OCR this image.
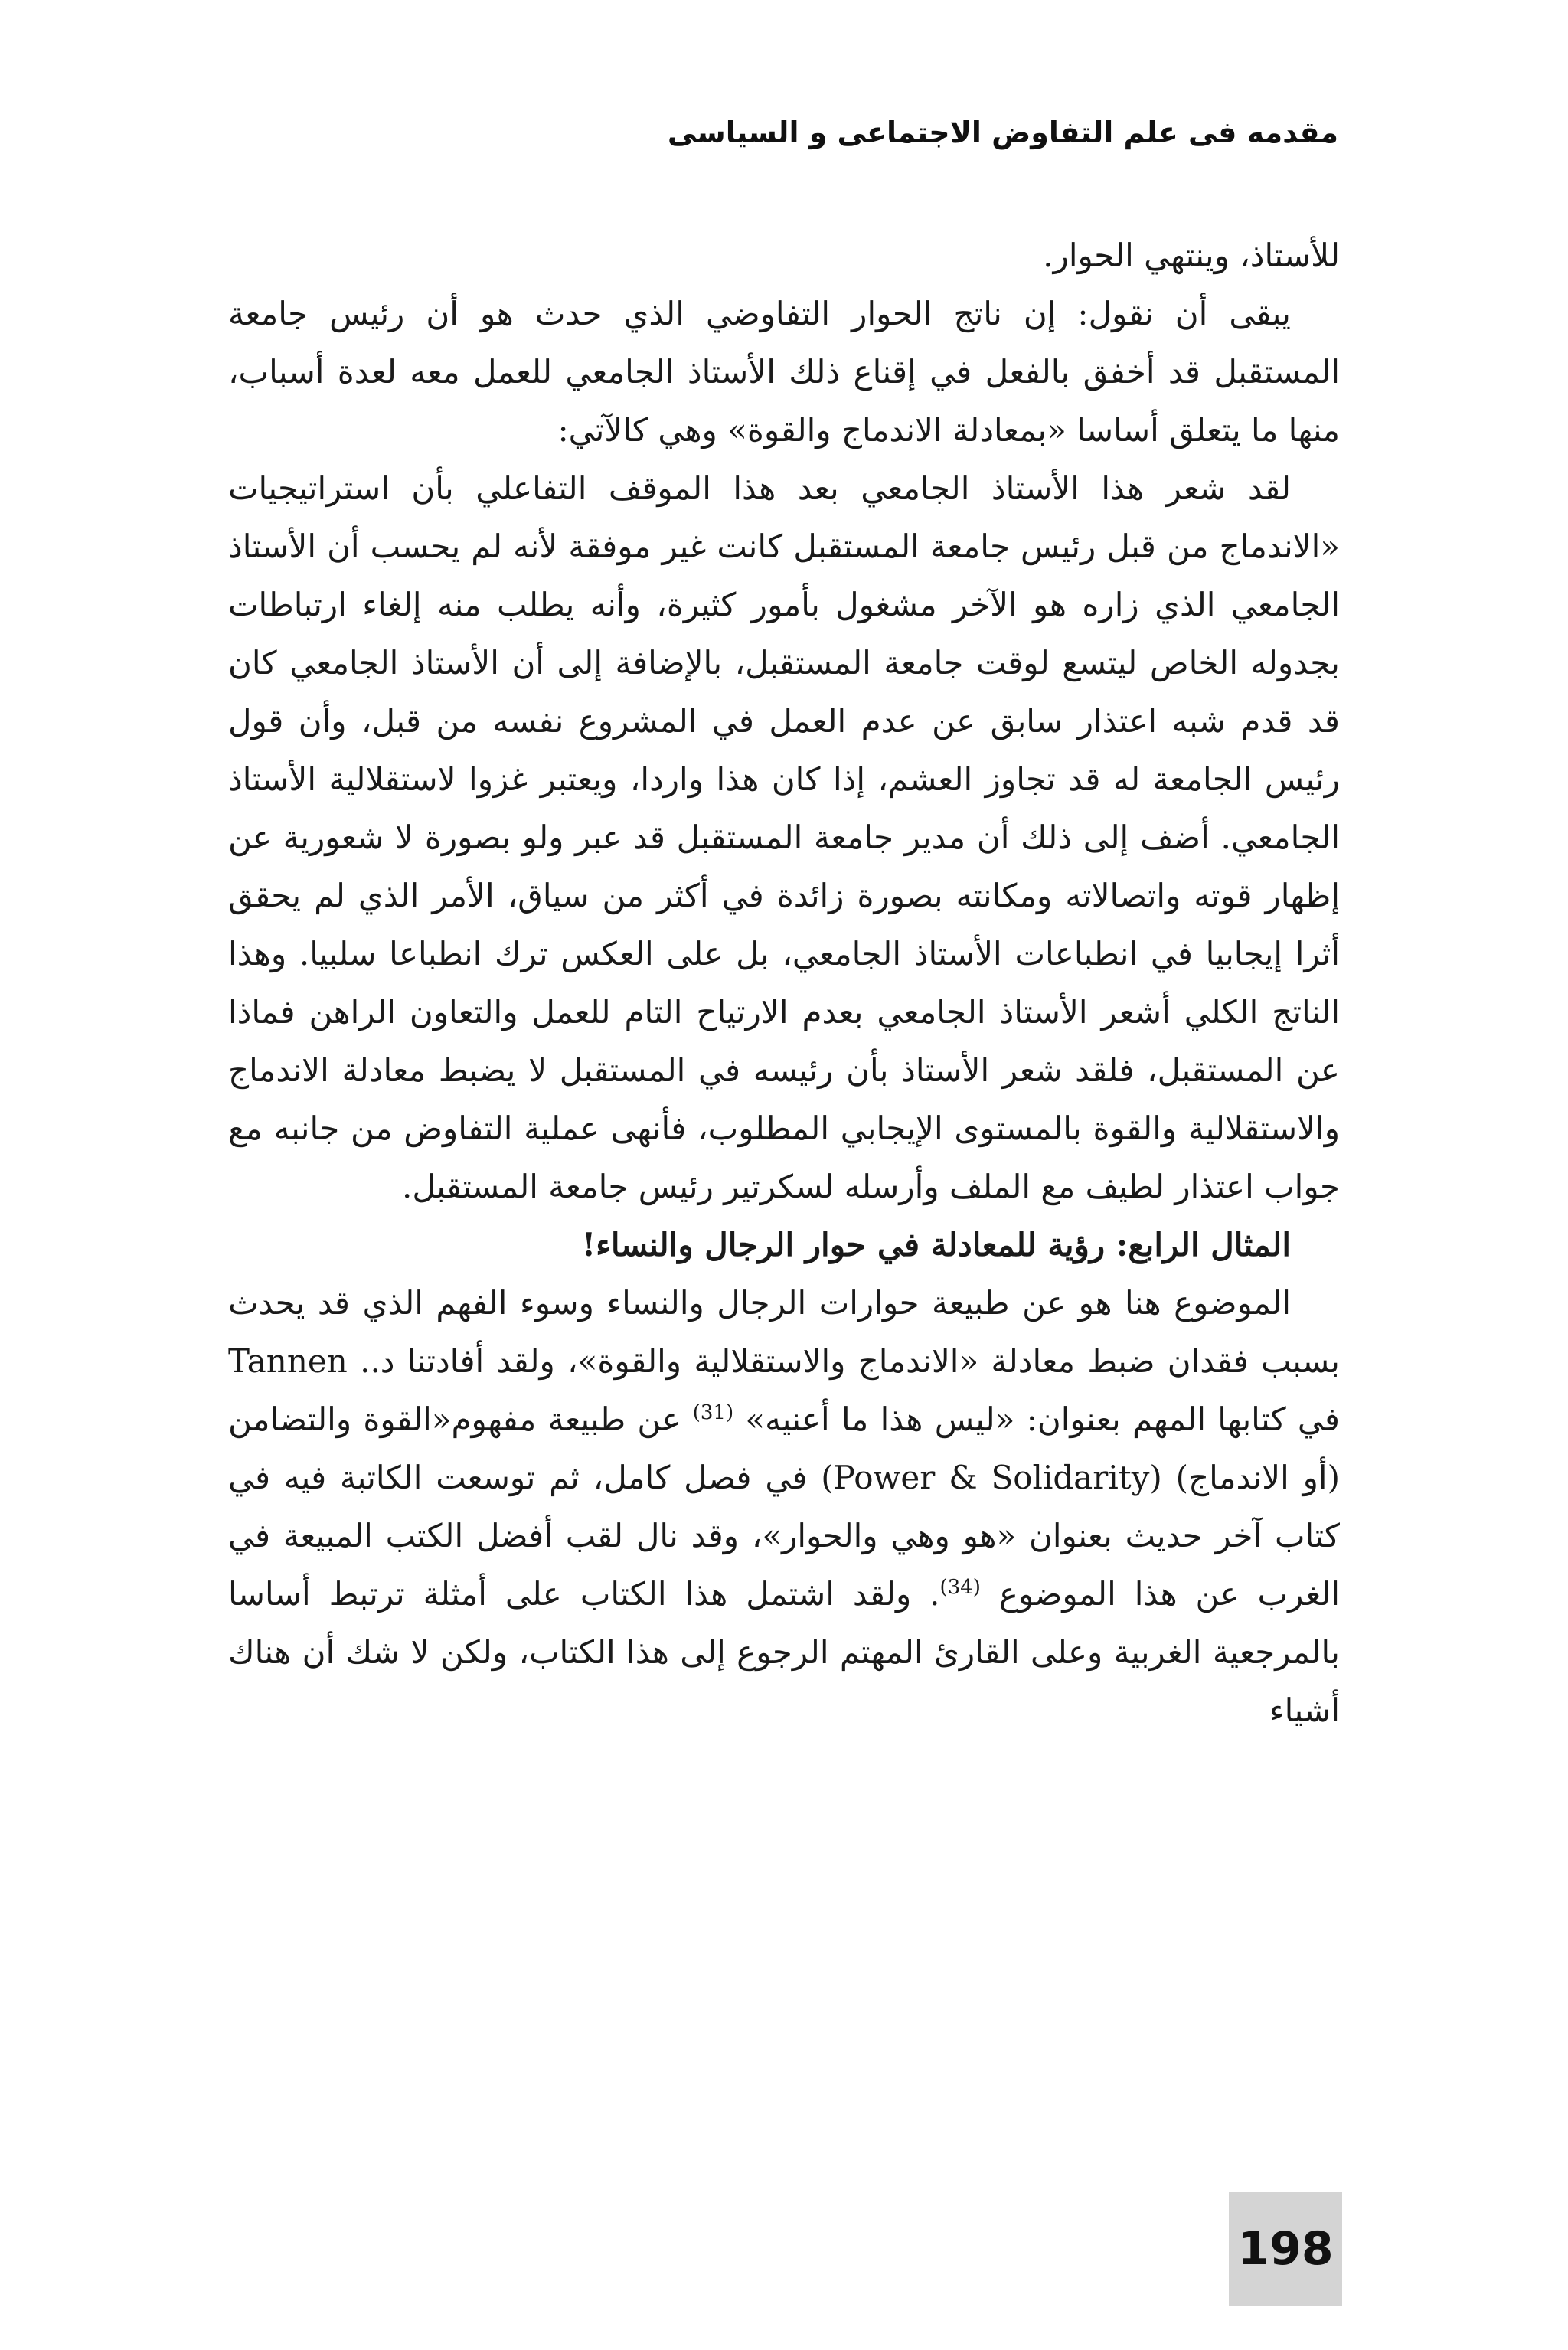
مقدمه فى علم التفاوض الاجتماعى و السياسى

للأستاذ، وينتهي الحوار.

يبقى أن نقول: إن ناتج الحوار التفاوضي الذي حدث هو أن رئيس جامعة المستقبل قد أخفق بالفعل في إقناع ذلك الأستاذ الجامعي للعمل معه لعدة أسباب، منها ما يتعلق أساسا «بمعادلة الاندماج والقوة» وهي كالآتي:

لقد شعر هذا الأستاذ الجامعي بعد هذا الموقف التفاعلي بأن استراتيجيات «الاندماج من قبل رئيس جامعة المستقبل كانت غير موفقة لأنه لم يحسب أن الأستاذ الجامعي الذي زاره هو الآخر مشغول بأمور كثيرة، وأنه يطلب منه إلغاء ارتباطات بجدوله الخاص ليتسع لوقت جامعة المستقبل، بالإضافة إلى أن الأستاذ الجامعي كان قد قدم شبه اعتذار سابق عن عدم العمل في المشروع نفسه من قبل، وأن قول رئيس الجامعة له قد تجاوز العشم، إذا كان هذا واردا، ويعتبر غزوا لاستقلالية الأستاذ الجامعي. أضف إلى ذلك أن مدير جامعة المستقبل قد عبر ولو بصورة لا شعورية عن إظهار قوته واتصالاته ومكانته بصورة زائدة في أكثر من سياق، الأمر الذي لم يحقق أثرا إيجابيا في انطباعات الأستاذ الجامعي، بل على العكس ترك انطباعا سلبيا. وهذا الناتج الكلي أشعر الأستاذ الجامعي بعدم الارتياح التام للعمل والتعاون الراهن فماذا عن المستقبل، فلقد شعر الأستاذ بأن رئيسه في المستقبل لا يضبط معادلة الاندماج والاستقلالية والقوة بالمستوى الإيجابي المطلوب، فأنهى عملية التفاوض من جانبه مع جواب اعتذار لطيف مع الملف وأرسله لسكرتير رئيس جامعة المستقبل.

المثال الرابع: رؤية للمعادلة في حوار الرجال والنساء!

الموضوع هنا هو عن طبيعة حوارات الرجال والنساء وسوء الفهم الذي قد يحدث بسبب فقدان ضبط معادلة «الاندماج والاستقلالية والقوة»، ولقد أفادتنا د.. Tannen في كتابها المهم بعنوان: «ليس هذا ما أعنيه» $^{(31)}$ عن طبيعة مفهوم«القوة والتضامن (أو الاندماج) (Power & Solidarity) في فصل كامل، ثم توسعت الكاتبة فيه في كتاب آخر حديث بعنوان «هو وهي والحوار»، وقد نال لقب أفضل الكتب المبيعة في الغرب عن هذا الموضوع $^{(34)}$. ولقد اشتمل هذا الكتاب على أمثلة ترتبط أساسا بالمرجعية الغربية وعلى القارئ المهتم الرجوع إلى هذا الكتاب، ولكن لا شك أن هناك أشياء

198
